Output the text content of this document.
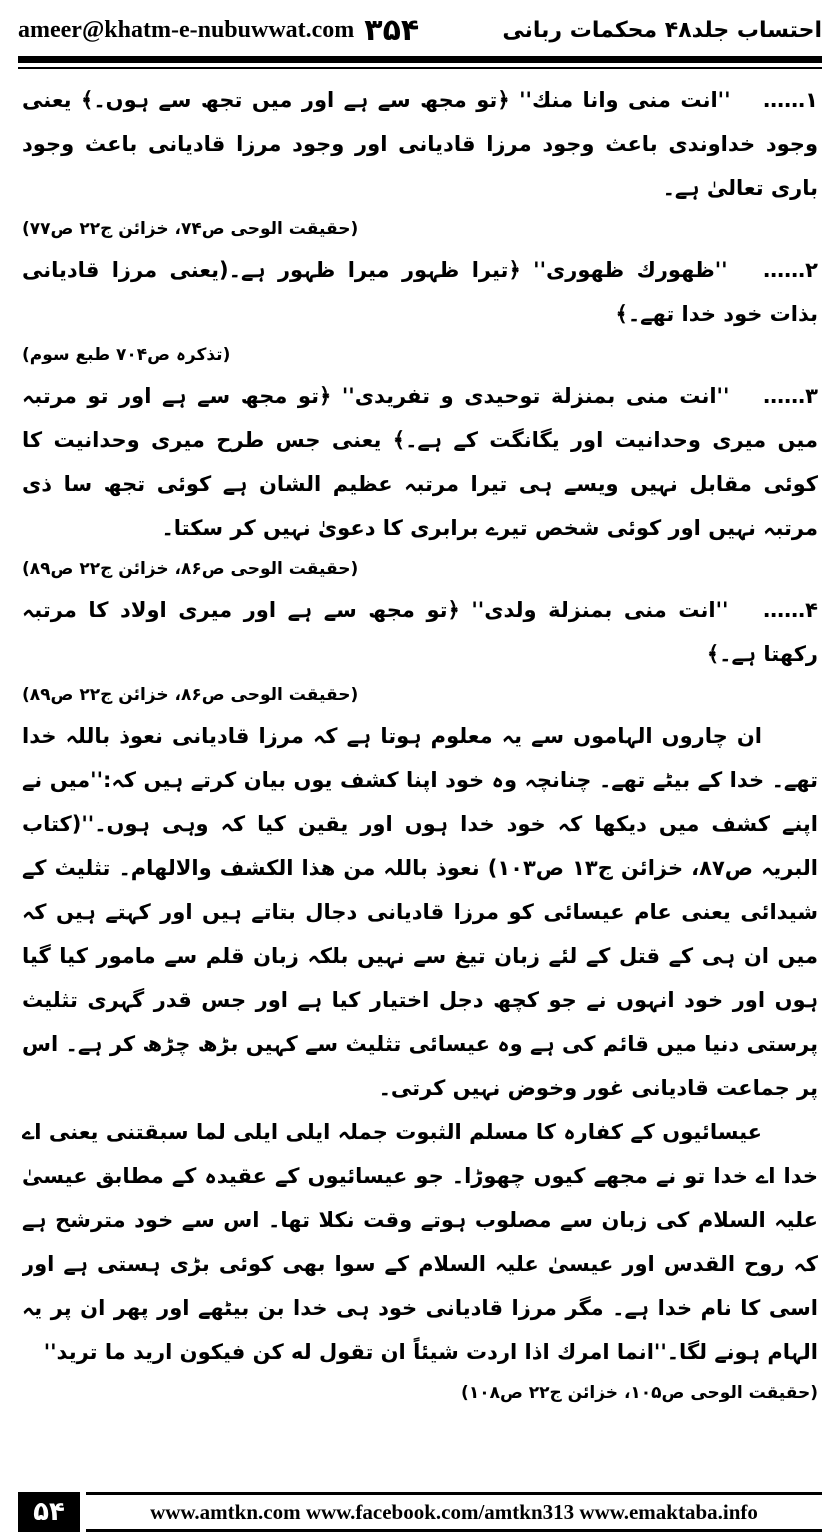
ameer@khatm-e-nubuwwat.com ۳۵۴	احتساب جلد۴۸ محکمات ربانی

۱…… ''انت منی وانا منك'' ﴿تو مجھ سے ہے اور میں تجھ سے ہوں۔﴾ یعنی وجود خداوندی باعث وجود مرزا قادیانی اور وجود مرزا قادیانی باعث وجود باری تعالیٰ ہے۔

(حقیقت الوحی ص۷۴، خزائن ج۲۲ ص۷۷)

۲…… ''ظهورك ظهوری'' ﴿تیرا ظہور میرا ظہور ہے۔(یعنی مرزا قادیانی بذات خود خدا تھے۔﴾

(تذکرہ ص۷۰۴ طبع سوم)

۳…… ''انت منی بمنزلة توحیدی و تفریدی'' ﴿تو مجھ سے ہے اور تو مرتبہ میں میری وحدانیت اور یگانگت کے ہے۔﴾ یعنی جس طرح میری وحدانیت کا کوئی مقابل نہیں ویسے ہی تیرا مرتبہ عظیم الشان ہے کوئی تجھ سا ذی مرتبہ نہیں اور کوئی شخص تیرے برابری کا دعویٰ نہیں کر سکتا۔

(حقیقت الوحی ص۸۶، خزائن ج۲۲ ص۸۹)

۴…… ''انت منی بمنزلة ولدی'' ﴿تو مجھ سے ہے اور میری اولاد کا مرتبہ رکھتا ہے۔﴾

(حقیقت الوحی ص۸۶، خزائن ج۲۲ ص۸۹)

ان چاروں الہاموں سے یہ معلوم ہوتا ہے کہ مرزا قادیانی نعوذ باللہ خدا تھے۔ خدا کے بیٹے تھے۔ چنانچہ وہ خود اپنا کشف یوں بیان کرتے ہیں کہ:''میں نے اپنے کشف میں دیکھا کہ خود خدا ہوں اور یقین کیا کہ وہی ہوں۔''(کتاب البریہ ص۸۷، خزائن ج۱۳ ص۱۰۳) نعوذ باللہ من هذا الکشف والالهام۔ تثلیث کے شیدائی یعنی عام عیسائی کو مرزا قادیانی دجال بتاتے ہیں اور کہتے ہیں کہ میں ان ہی کے قتل کے لئے زبان تیغ سے نہیں بلکہ زبان قلم سے مامور کیا گیا ہوں اور خود انہوں نے جو کچھ دجل اختیار کیا ہے اور جس قدر گہری تثلیث پرستی دنیا میں قائم کی ہے وہ عیسائی تثلیث سے کہیں بڑھ چڑھ کر ہے۔ اس پر جماعت قادیانی غور وخوض نہیں کرتی۔

عیسائیوں کے کفارہ کا مسلم الثبوت جملہ ایلی ایلی لما سبقتنی یعنی اے خدا اے خدا تو نے مجھے کیوں چھوڑا۔ جو عیسائیوں کے عقیدہ کے مطابق عیسیٰ علیہ السلام کی زبان سے مصلوب ہوتے وقت نکلا تھا۔ اس سے خود مترشح ہے کہ روح القدس اور عیسیٰ علیہ السلام کے سوا بھی کوئی بڑی ہستی ہے اور اسی کا نام خدا ہے۔ مگر مرزا قادیانی خود ہی خدا بن بیٹھے اور پھر ان پر یہ الہام ہونے لگا۔''انما امرك اذا اردت شیئاً ان تقول له كن فیكون ارید ما ترید''

(حقیقت الوحی ص۱۰۵، خزائن ج۲۲ ص۱۰۸)

۵۴	www.amtkn.com www.facebook.com/amtkn313 www.emaktaba.info
